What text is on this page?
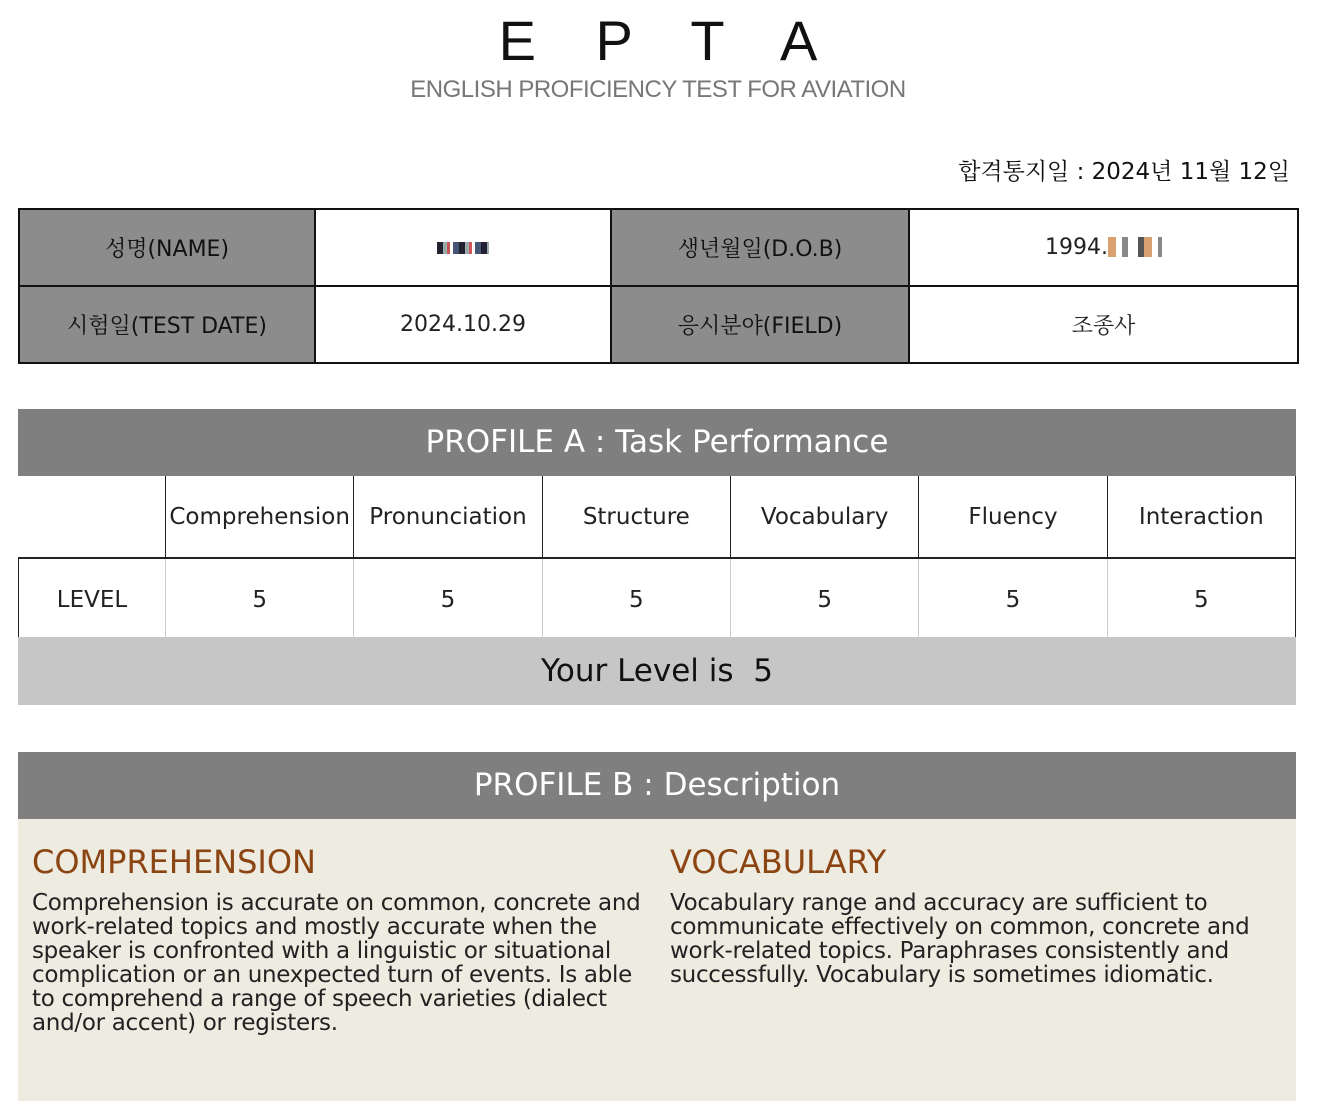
E P T A
ENGLISH PROFICIENCY TEST FOR AVIATION
합격통지일 : 2024년 11월 12일
성명(NAME)		생년월일(D.O.B)	1994.
시험일(TEST DATE)	2024.10.29	응시분야(FIELD)	조종사
PROFILE A : Task Performance
	Comprehension	Pronunciation	Structure	Vocabulary	Fluency	Interaction
LEVEL	5	5	5	5	5	5
Your Level is  5
PROFILE B : Description
COMPREHENSION

Comprehension is accurate on common, concrete and work-related topics and mostly accurate when the speaker is confronted with a linguistic or situational complication or an unexpected turn of events. Is able to comprehend a range of speech varieties (dialect and/or accent) or registers.

VOCABULARY

Vocabulary range and accuracy are sufficient to communicate effectively on common, concrete and work-related topics. Paraphrases consistently and successfully. Vocabulary is sometimes idiomatic.
